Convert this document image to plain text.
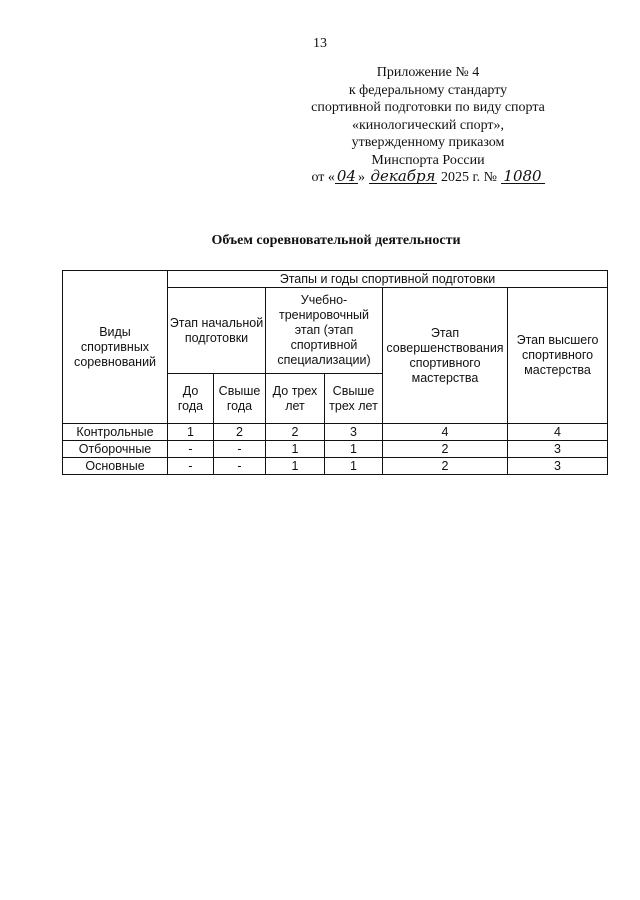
13
Приложение № 4
к федеральному стандарту
спортивной подготовки по виду спорта
«кинологический спорт»,
утвержденному приказом
Минспорта России
от « 04 » декабря 2025 г. № 1080
Объем соревновательной деятельности
Виды спортивных соревнований	Этапы и годы спортивной подготовки					
	Этап начальной подготовки		Учебно-тренировочный этап (этап спортивной специализации)		Этап совершенствования спортивного мастерства	Этап высшего спортивного мастерства
	До года	Свыше года	До трех лет	Свыше трех лет		
Контрольные	1	2	2	3	4	4
Отборочные	-	-	1	1	2	3
Основные	-	-	1	1	2	3
